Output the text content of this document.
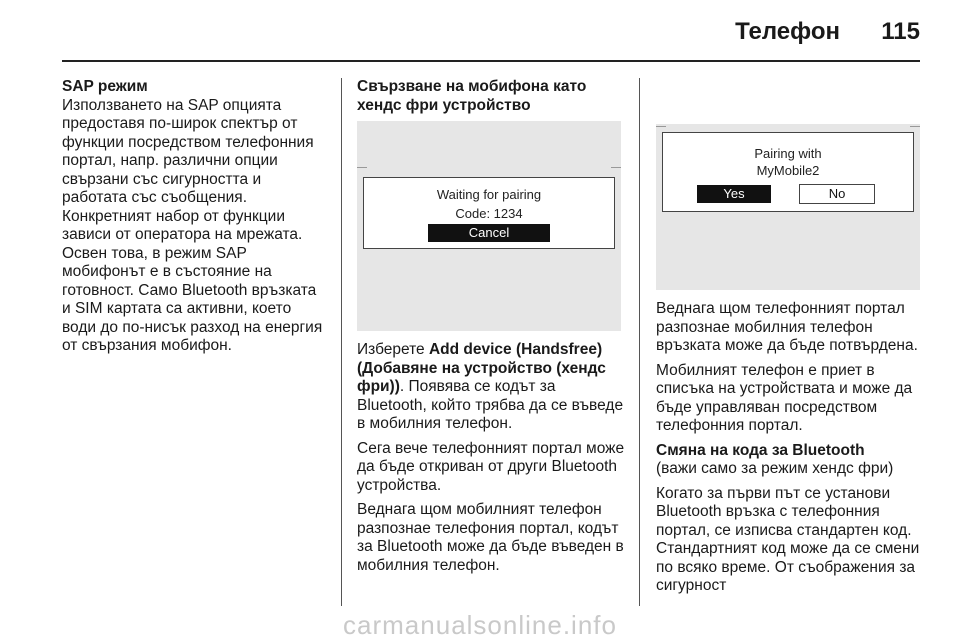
Телефон 115
SAP режим

Използването на SAP опцията предоставя по-широк спектър от функции посредством телефонния портал, напр. различни опции свързани със сигурността и работата със съобщения. Конкретният набор от функции зависи от оператора на мрежата. Освен това, в режим SAP мобифонът е в състояние на готовност. Само Bluetooth връзката и SIM картата са активни, което води до по-нисък разход на енергия от свързания мобифон.

Свързване на мобифона като хендс фри устройство
Waiting for pairing
Code: 1234
Cancel

Изберете Add device (Handsfree) (Добавяне на устройство (хендс фри)). Появява се кодът за Bluetooth, който трябва да се въведе в мобилния телефон.

Сега вече телефонният портал може да бъде откриван от други Bluetooth устройства.

Веднага щом мобилният телефон разпознае телефония портал, кодът за Bluetooth може да бъде въведен в мобилния телефон.

Pairing with
MyMobile2
Yes	No

Веднага щом телефонният портал разпознае мобилния телефон връзката може да бъде потвърдена.

Мобилният телефон е приет в списъка на устройствата и може да бъде управляван посредством телефонния портал.

Смяна на кода за Bluetooth

(важи само за режим хендс фри)

Когато за първи път се установи Bluetooth връзка с телефонния портал, се изписва стандартен код. Стандартният код може да се смени по всяко време. От съображения за сигурност

carmanualsonline.info
